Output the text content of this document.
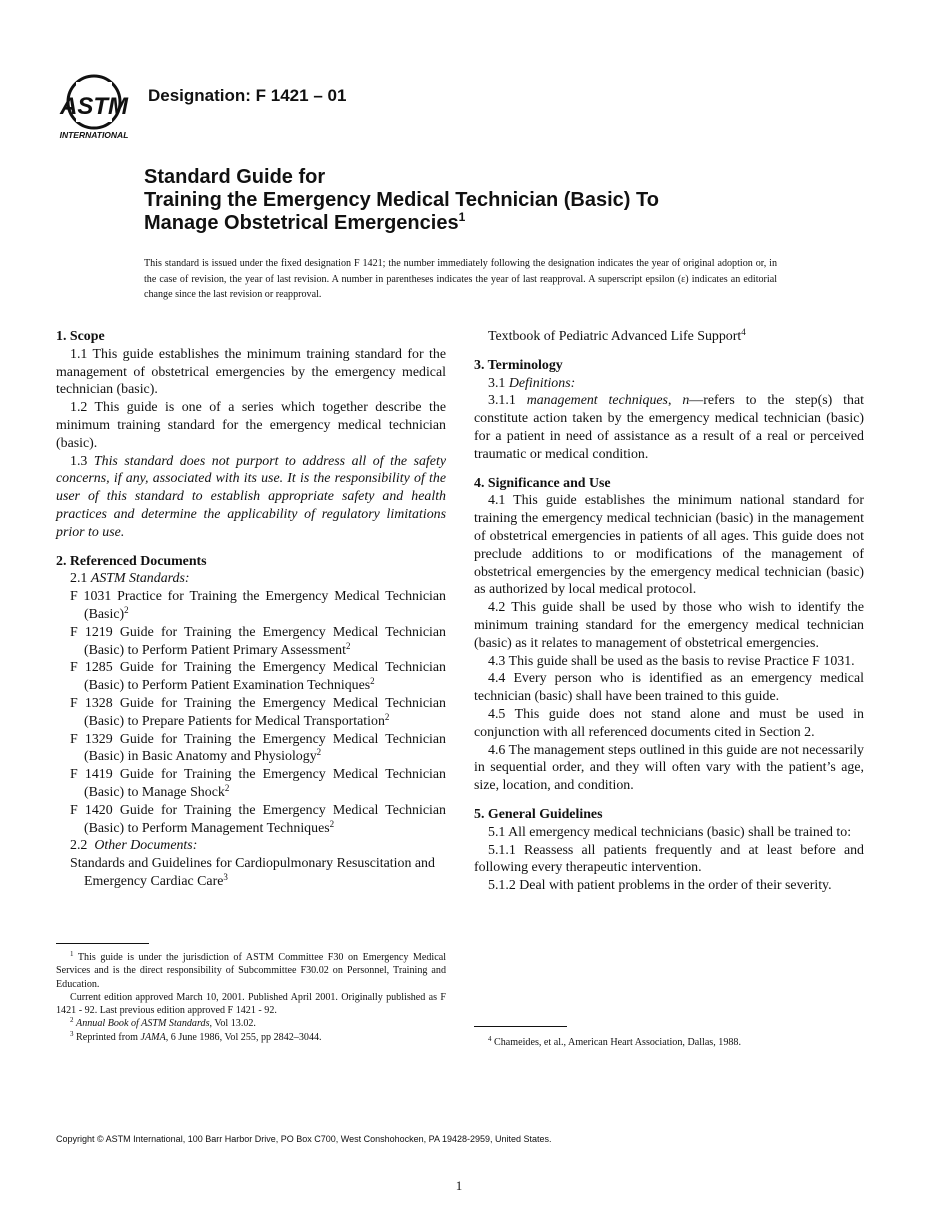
ASTM
INTERNATIONAL
Designation: F 1421 – 01
Standard Guide for
Training the Emergency Medical Technician (Basic) To
Manage Obstetrical Emergencies$^1$
This standard is issued under the fixed designation F 1421; the number immediately following the designation indicates the year of original adoption or, in the case of revision, the year of last revision. A number in parentheses indicates the year of last reapproval. A superscript epsilon (ε) indicates an editorial change since the last revision or reapproval.
1. Scope

1.1 This guide establishes the minimum training standard for the management of obstetrical emergencies by the emergency medical technician (basic).

1.2 This guide is one of a series which together describe the minimum training standard for the emergency medical technician (basic).

1.3 This standard does not purport to address all of the safety concerns, if any, associated with its use. It is the responsibility of the user of this standard to establish appropriate safety and health practices and determine the applicability of regulatory limitations prior to use.

2. Referenced Documents

2.1 ASTM Standards:

F 1031 Practice for Training the Emergency Medical Technician (Basic)$^2$

F 1219 Guide for Training the Emergency Medical Technician (Basic) to Perform Patient Primary Assessment$^2$

F 1285 Guide for Training the Emergency Medical Technician (Basic) to Perform Patient Examination Techniques$^2$

F 1328 Guide for Training the Emergency Medical Technician (Basic) to Prepare Patients for Medical Transportation$^2$

F 1329 Guide for Training the Emergency Medical Technician (Basic) in Basic Anatomy and Physiology$^2$

F 1419 Guide for Training the Emergency Medical Technician (Basic) to Manage Shock$^2$

F 1420 Guide for Training the Emergency Medical Technician (Basic) to Perform Management Techniques$^2$

2.2 Other Documents:

Standards and Guidelines for Cardiopulmonary Resuscitation and Emergency Cardiac Care$^3$

Textbook of Pediatric Advanced Life Support$^4$

3. Terminology

3.1 Definitions:

3.1.1 management techniques, n—refers to the step(s) that constitute action taken by the emergency medical technician (basic) for a patient in need of assistance as a result of a real or perceived traumatic or medical condition.

4. Significance and Use

4.1 This guide establishes the minimum national standard for training the emergency medical technician (basic) in the management of obstetrical emergencies in patients of all ages. This guide does not preclude additions to or modifications of the management of obstetrical emergencies by the emergency medical technician (basic) as authorized by local medical protocol.

4.2 This guide shall be used by those who wish to identify the minimum training standard for the emergency medical technician (basic) as it relates to management of obstetrical emergencies.

4.3 This guide shall be used as the basis to revise Practice F 1031.

4.4 Every person who is identified as an emergency medical technician (basic) shall have been trained to this guide.

4.5 This guide does not stand alone and must be used in conjunction with all referenced documents cited in Section 2.

4.6 The management steps outlined in this guide are not necessarily in sequential order, and they will often vary with the patient’s age, size, location, and condition.

5. General Guidelines

5.1 All emergency medical technicians (basic) shall be trained to:

5.1.1 Reassess all patients frequently and at least before and following every therapeutic intervention.

5.1.2 Deal with patient problems in the order of their severity.

$^1$ This guide is under the jurisdiction of ASTM Committee F30 on Emergency Medical Services and is the direct responsibility of Subcommittee F30.02 on Personnel, Training and Education.

Current edition approved March 10, 2001. Published April 2001. Originally published as F 1421 - 92. Last previous edition approved F 1421 - 92.

$^2$ Annual Book of ASTM Standards, Vol 13.02.

$^3$ Reprinted from JAMA, 6 June 1986, Vol 255, pp 2842–3044.	$^4$ Chameides, et al., American Heart Association, Dallas, 1988.

Copyright © ASTM International, 100 Barr Harbor Drive, PO Box C700, West Conshohocken, PA 19428-2959, United States.
1
